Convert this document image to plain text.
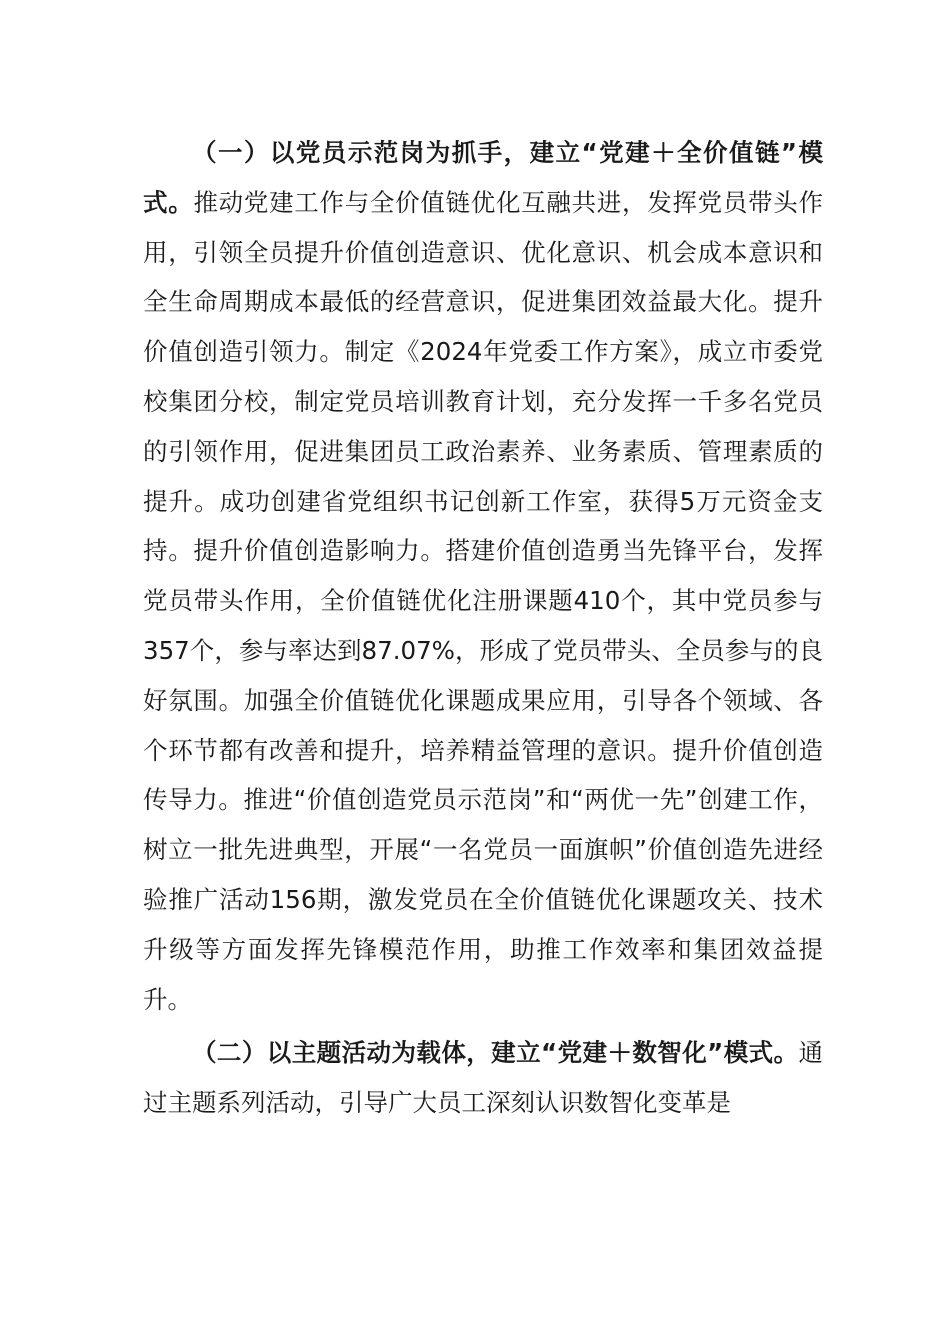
（一）以党员示范岗为抓手，建立“党建＋全价值链”模式。推动党建工作与全价值链优化互融共进，发挥党员带头作用，引领全员提升价值创造意识、优化意识、机会成本意识和全生命周期成本最低的经营意识，促进集团效益最大化。提升价值创造引领力。制定《2024年党委工作方案》，成立市委党校集团分校，制定党员培训教育计划，充分发挥一千多名党员的引领作用，促进集团员工政治素养、业务素质、管理素质的提升。成功创建省党组织书记创新工作室，获得5万元资金支持。提升价值创造影响力。搭建价值创造勇当先锋平台，发挥党员带头作用，全价值链优化注册课题410个，其中党员参与357个，参与率达到87.07%，形成了党员带头、全员参与的良好氛围。加强全价值链优化课题成果应用，引导各个领域、各个环节都有改善和提升，培养精益管理的意识。提升价值创造传导力。推进“价值创造党员示范岗”和“两优一先”创建工作，树立一批先进典型，开展“一名党员一面旗帜”价值创造先进经验推广活动156期，激发党员在全价值链优化课题攻关、技术升级等方面发挥先锋模范作用，助推工作效率和集团效益提升。

（二）以主题活动为载体，建立“党建＋数智化”模式。通过主题系列活动，引导广大员工深刻认识数智化变革是
